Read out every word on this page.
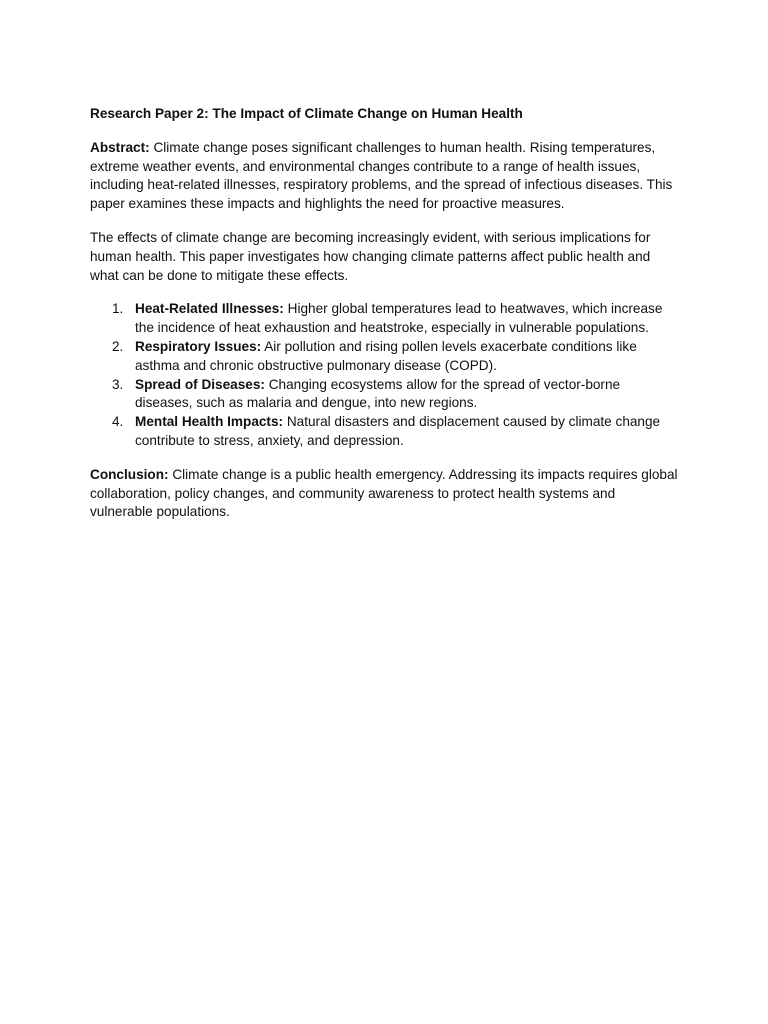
Research Paper 2: The Impact of Climate Change on Human Health

Abstract: Climate change poses significant challenges to human health. Rising temperatures, extreme weather events, and environmental changes contribute to a range of health issues, including heat-related illnesses, respiratory problems, and the spread of infectious diseases. This paper examines these impacts and highlights the need for proactive measures.

The effects of climate change are becoming increasingly evident, with serious implications for human health. This paper investigates how changing climate patterns affect public health and what can be done to mitigate these effects.

1. Heat-Related Illnesses: Higher global temperatures lead to heatwaves, which increase the incidence of heat exhaustion and heatstroke, especially in vulnerable populations.
2. Respiratory Issues: Air pollution and rising pollen levels exacerbate conditions like asthma and chronic obstructive pulmonary disease (COPD).
3. Spread of Diseases: Changing ecosystems allow for the spread of vector-borne diseases, such as malaria and dengue, into new regions.
4. Mental Health Impacts: Natural disasters and displacement caused by climate change contribute to stress, anxiety, and depression.

Conclusion: Climate change is a public health emergency. Addressing its impacts requires global collaboration, policy changes, and community awareness to protect health systems and vulnerable populations.
